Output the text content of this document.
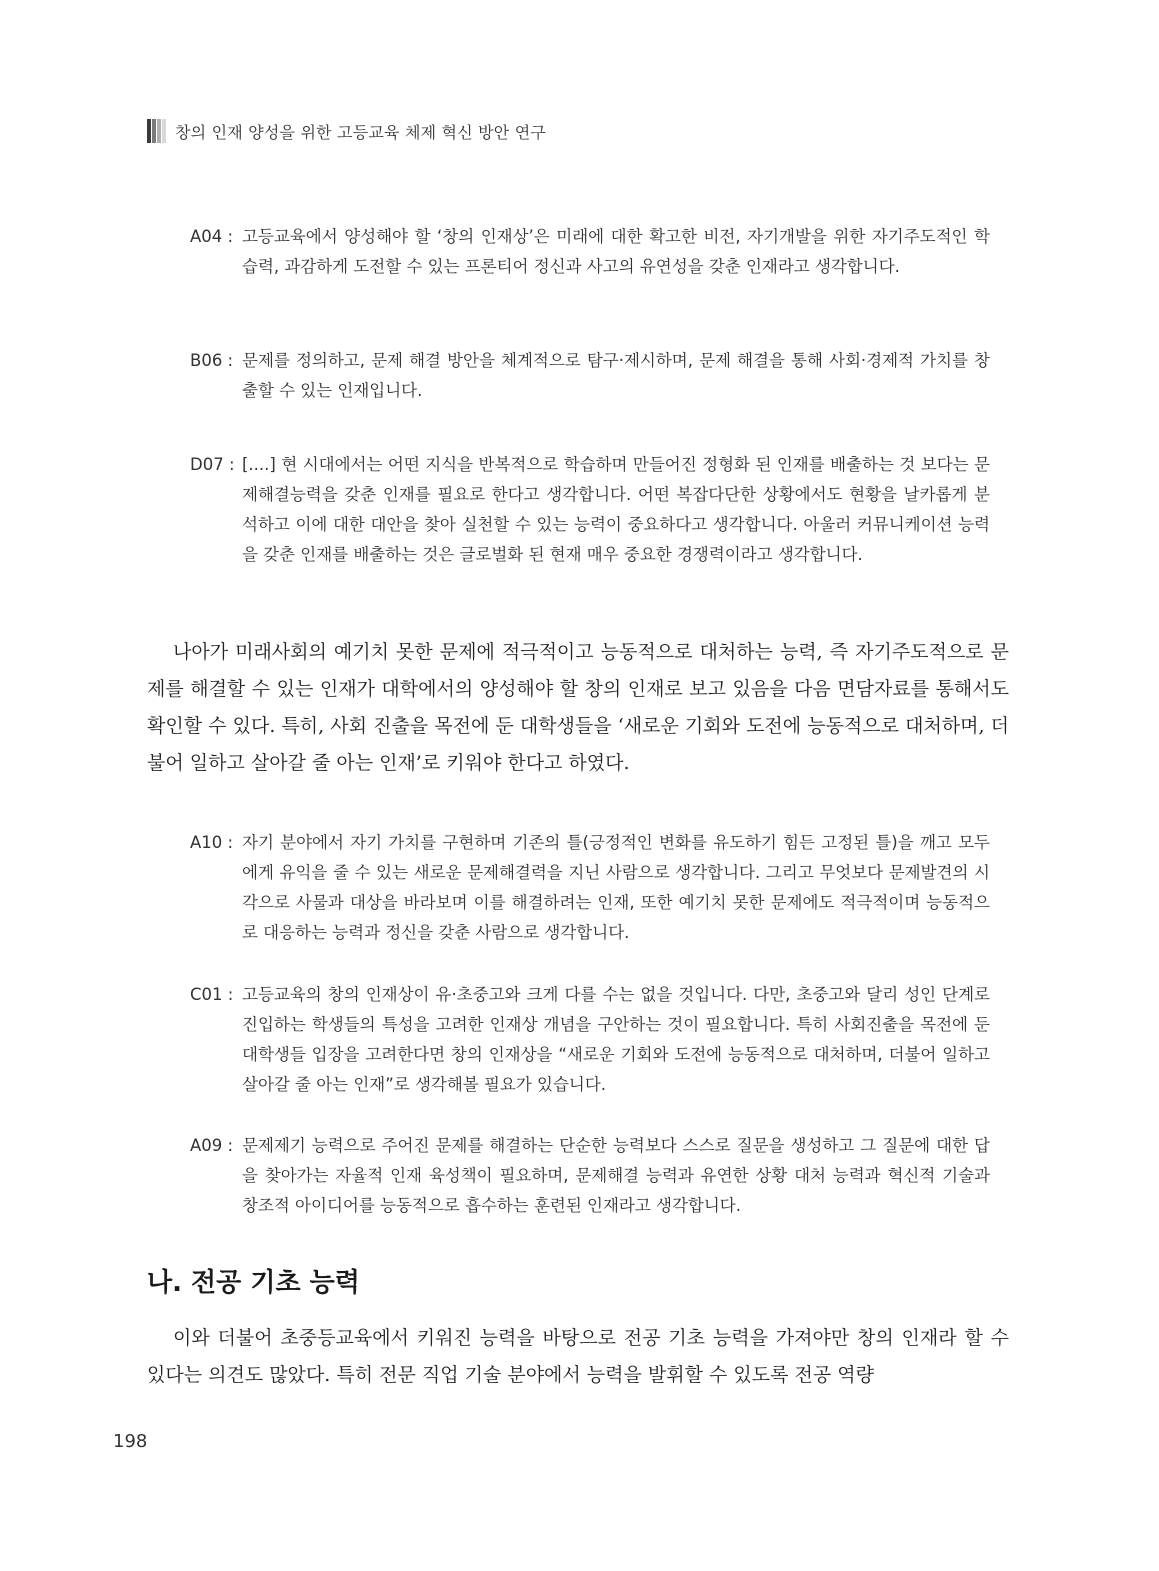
창의 인재 양성을 위한 고등교육 체제 혁신 방안 연구
A04 : 고등교육에서 양성해야 할 ‘창의 인재상’은 미래에 대한 확고한 비전, 자기개발을 위한 자기주도적인 학습력, 과감하게 도전할 수 있는 프론티어 정신과 사고의 유연성을 갖춘 인재라고 생각합니다.
B06 : 문제를 정의하고, 문제 해결 방안을 체계적으로 탐구·제시하며, 문제 해결을 통해 사회·경제적 가치를 창출할 수 있는 인재입니다.
D07 : [....] 현 시대에서는 어떤 지식을 반복적으로 학습하며 만들어진 정형화 된 인재를 배출하는 것 보다는 문제해결능력을 갖춘 인재를 필요로 한다고 생각합니다. 어떤 복잡다단한 상황에서도 현황을 날카롭게 분석하고 이에 대한 대안을 찾아 실천할 수 있는 능력이 중요하다고 생각합니다. 아울러 커뮤니케이션 능력을 갖춘 인재를 배출하는 것은 글로벌화 된 현재 매우 중요한 경쟁력이라고 생각합니다.
나아가 미래사회의 예기치 못한 문제에 적극적이고 능동적으로 대처하는 능력, 즉 자기주도적으로 문제를 해결할 수 있는 인재가 대학에서의 양성해야 할 창의 인재로 보고 있음을 다음 면담자료를 통해서도 확인할 수 있다. 특히, 사회 진출을 목전에 둔 대학생들을 ‘새로운 기회와 도전에 능동적으로 대처하며, 더불어 일하고 살아갈 줄 아는 인재’로 키워야 한다고 하였다.
A10 : 자기 분야에서 자기 가치를 구현하며 기존의 틀(긍정적인 변화를 유도하기 힘든 고정된 틀)을 깨고 모두에게 유익을 줄 수 있는 새로운 문제해결력을 지닌 사람으로 생각합니다. 그리고 무엇보다 문제발견의 시각으로 사물과 대상을 바라보며 이를 해결하려는 인재, 또한 예기치 못한 문제에도 적극적이며 능동적으로 대응하는 능력과 정신을 갖춘 사람으로 생각합니다.
C01 : 고등교육의 창의 인재상이 유·초중고와 크게 다를 수는 없을 것입니다. 다만, 초중고와 달리 성인 단계로 진입하는 학생들의 특성을 고려한 인재상 개념을 구안하는 것이 필요합니다. 특히 사회진출을 목전에 둔 대학생들 입장을 고려한다면 창의 인재상을 “새로운 기회와 도전에 능동적으로 대처하며, 더불어 일하고 살아갈 줄 아는 인재”로 생각해볼 필요가 있습니다.
A09 : 문제제기 능력으로 주어진 문제를 해결하는 단순한 능력보다 스스로 질문을 생성하고 그 질문에 대한 답을 찾아가는 자율적 인재 육성책이 필요하며, 문제해결 능력과 유연한 상황 대처 능력과 혁신적 기술과 창조적 아이디어를 능동적으로 흡수하는 훈련된 인재라고 생각합니다.
나. 전공 기초 능력
이와 더불어 초중등교육에서 키워진 능력을 바탕으로 전공 기초 능력을 가져야만 창의 인재라 할 수 있다는 의견도 많았다. 특히 전문 직업 기술 분야에서 능력을 발휘할 수 있도록 전공 역량
198
